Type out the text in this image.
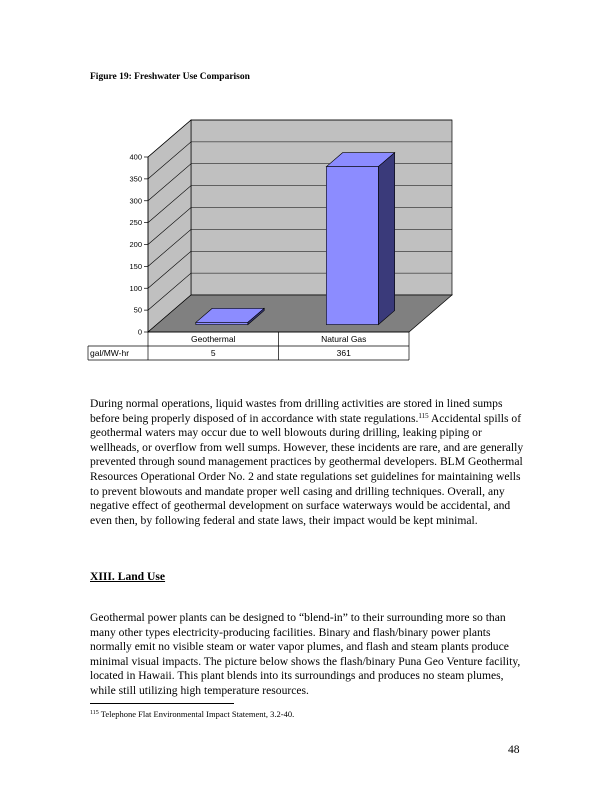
Figure 19: Freshwater Use Comparison
0
50
100
150
200
250
300
350
400
Geothermal
5
Natural Gas
361
gal/MW-hr

During normal operations, liquid wastes from drilling activities are stored in lined sumps before being properly disposed of in accordance with state regulations.$^{115}$ Accidental spills of geothermal waters may occur due to well blowouts during drilling, leaking piping or wellheads, or overflow from well sumps. However, these incidents are rare, and are generally prevented through sound management practices by geothermal developers. BLM Geothermal Resources Operational Order No. 2 and state regulations set guidelines for maintaining wells to prevent blowouts and mandate proper well casing and drilling techniques. Overall, any negative effect of geothermal development on surface waterways would be accidental, and even then, by following federal and state laws, their impact would be kept minimal.

XIII. Land Use

Geothermal power plants can be designed to “blend-in” to their surrounding more so than many other types electricity-producing facilities. Binary and flash/binary power plants normally emit no visible steam or water vapor plumes, and flash and steam plants produce minimal visual impacts. The picture below shows the flash/binary Puna Geo Venture facility, located in Hawaii. This plant blends into its surroundings and produces no steam plumes, while still utilizing high temperature resources.

$^{115}$ Telephone Flat Environmental Impact Statement, 3.2-40.

48
